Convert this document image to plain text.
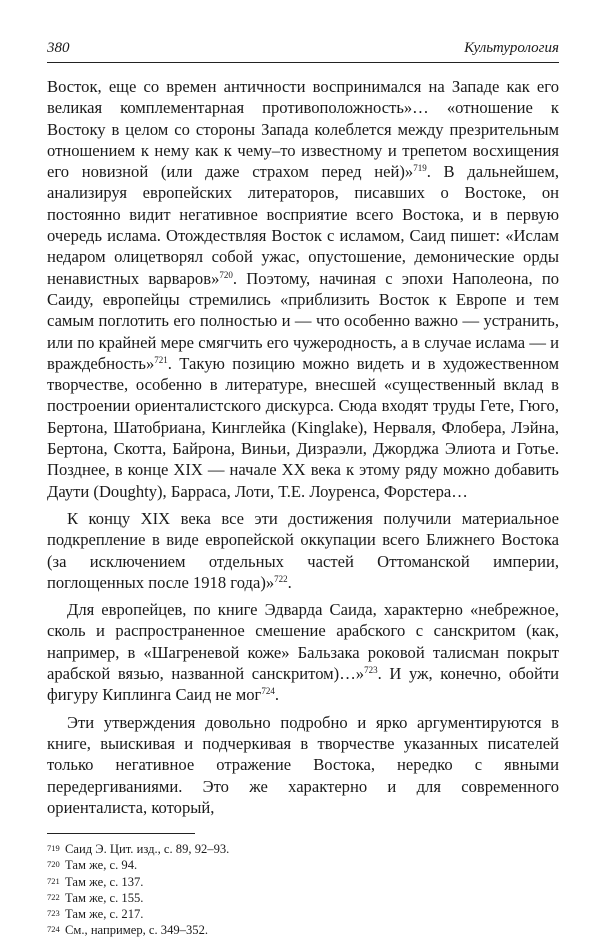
380	Культурология

Восток, еще со времен античности воспринимался на Западе как его великая комплементарная противоположность»… «отношение к Востоку в целом со стороны Запада колеблется между презрительным отношением к нему как к чему–то известному и трепетом восхищения его новизной (или даже страхом перед ней)»$^{719}$. В дальнейшем, анализируя европейских литераторов, писавших о Востоке, он постоянно видит негативное восприятие всего Востока, и в первую очередь ислама. Отождествляя Восток с исламом, Саид пишет: «Ислам недаром олицетворял собой ужас, опустошение, демонические орды ненавистных варваров»$^{720}$. Поэтому, начиная с эпохи Наполеона, по Саиду, европейцы стремились «приблизить Восток к Европе и тем самым поглотить его полностью и — что особенно важно — устранить, или по крайней мере смягчить его чужеродность, а в случае ислама — и враждебность»$^{721}$. Такую позицию можно видеть и в художественном творчестве, особенно в литературе, внесшей «существенный вклад в построении ориенталистского дискурса. Сюда входят труды Гете, Гюго, Бертона, Шатобриана, Кинглейка (Kinglake), Нерваля, Флобера, Лэйна, Бертона, Скотта, Байрона, Виньи, Дизраэли, Джорджа Элиота и Готье. Позднее, в конце XIX — начале XX века к этому ряду можно добавить Даути (Doughty), Барраса, Лоти, Т.Е. Лоуренса, Форстера…

К концу XIX века все эти достижения получили материальное подкрепление в виде европейской оккупации всего Ближнего Востока (за исключением отдельных частей Оттоманской империи, поглощенных после 1918 года)»$^{722}$.

Для европейцев, по книге Эдварда Саида, характерно «небрежное, сколь и распространенное смешение арабского с санскритом (как, например, в «Шагреневой коже» Бальзака роковой талисман покрыт арабской вязью, названной санскритом)…»$^{723}$. И уж, конечно, обойти фигуру Киплинга Саид не мог$^{724}$.

Эти утверждения довольно подробно и ярко аргументируются в книге, выискивая и подчеркивая в творчестве указанных писателей только негативное отражение Востока, нередко с явными передергиваниями. Это же характерно и для современного ориенталиста, который,

719 Саид Э. Цит. изд., с. 89, 92–93.
720 Там же, с. 94.
721 Там же, с. 137.
722 Там же, с. 155.
723 Там же, с. 217.
724 См., например, с. 349–352.
